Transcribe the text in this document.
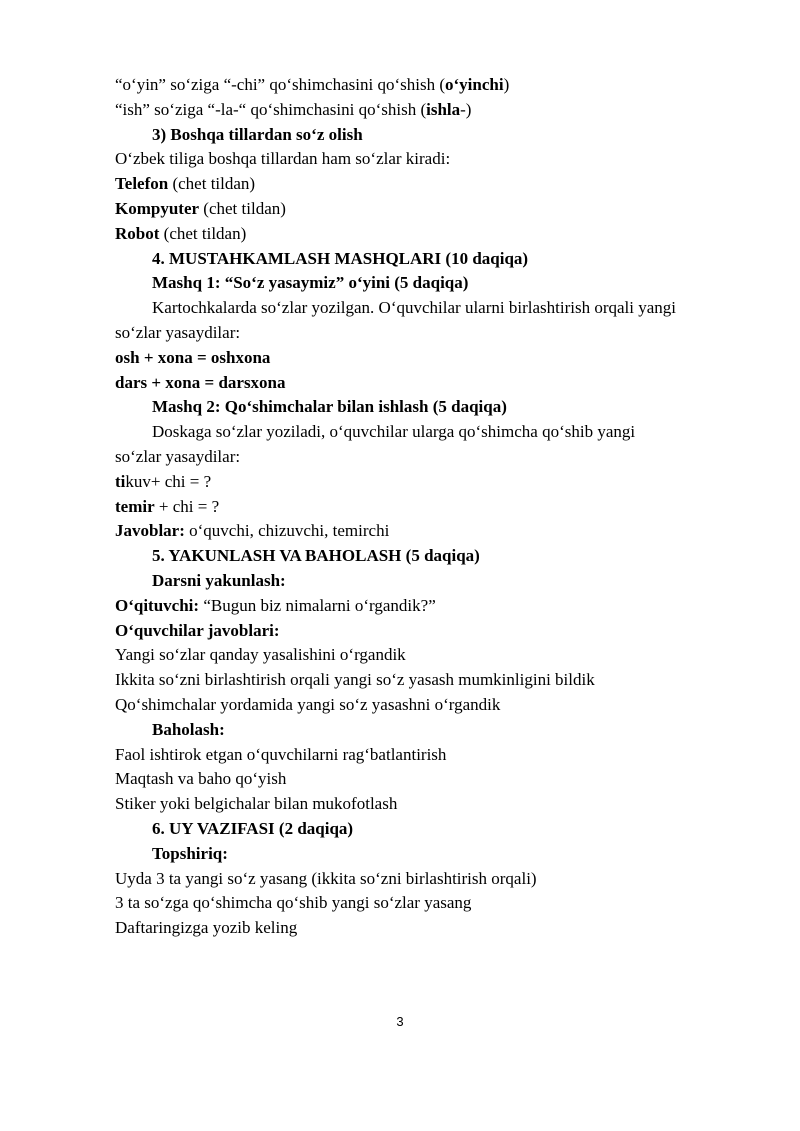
“o‘yin” so‘ziga “-chi” qo‘shimchasini qo‘shish (o‘yinchi)
“ish” so‘ziga “-la-“ qo‘shimchasini qo‘shish (ishla-)
3) Boshqa tillardan so‘z olish
O‘zbek tiliga boshqa tillardan ham so‘zlar kiradi:
Telefon (chet tildan)
Kompyuter (chet tildan)
Robot (chet tildan)
4. MUSTAHKAMLASH MASHQLARI (10 daqiqa)
Mashq 1: “So‘z yasaymiz” o‘yini (5 daqiqa)
Kartochkalarda so‘zlar yozilgan. O‘quvchilar ularni birlashtirish orqali yangi
so‘zlar yasaydilar:
osh + xona = oshxona
dars + xona = darsxona
Mashq 2: Qo‘shimchalar bilan ishlash (5 daqiqa)
Doskaga so‘zlar yoziladi, o‘quvchilar ularga qo‘shimcha qo‘shib yangi
so‘zlar yasaydilar:
tikuv+ chi = ?
temir + chi = ?
Javoblar: o‘quvchi, chizuvchi, temirchi
5. YAKUNLASH VA BAHOLASH (5 daqiqa)
Darsni yakunlash:
O‘qituvchi: “Bugun biz nimalarni o‘rgandik?”
O‘quvchilar javoblari:
Yangi so‘zlar qanday yasalishini o‘rgandik
Ikkita so‘zni birlashtirish orqali yangi so‘z yasash mumkinligini bildik
Qo‘shimchalar yordamida yangi so‘z yasashni o‘rgandik
Baholash:
Faol ishtirok etgan o‘quvchilarni rag‘batlantirish
Maqtash va baho qo‘yish
Stiker yoki belgichalar bilan mukofotlash
6. UY VAZIFASI (2 daqiqa)
Topshiriq:
Uyda 3 ta yangi so‘z yasang (ikkita so‘zni birlashtirish orqali)
3 ta so‘zga qo‘shimcha qo‘shib yangi so‘zlar yasang
Daftaringizga yozib keling
3
